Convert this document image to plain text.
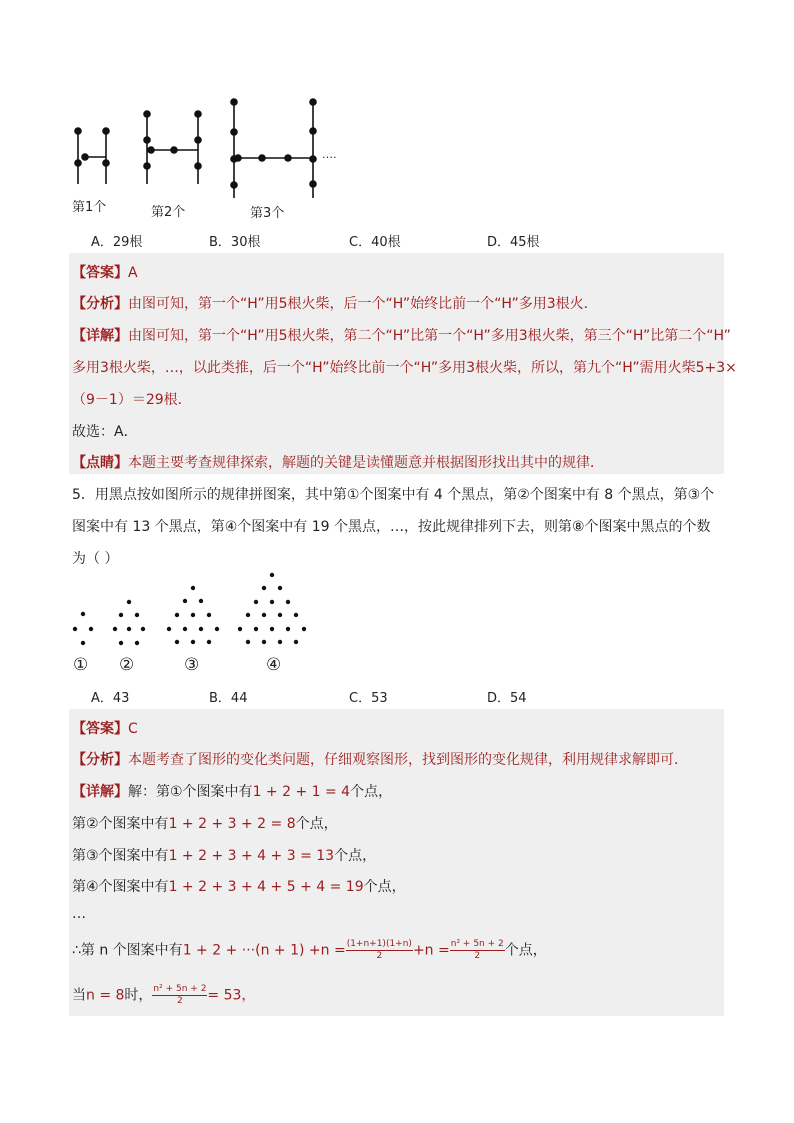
….
第1个	第2个	第3个
A．29根	B．30根	C．40根	D．45根
【答案】A
【分析】由图可知，第一个“H”用5根火柴，后一个“H”始终比前一个“H”多用3根火．
【详解】由图可知，第一个“H”用5根火柴，第二个“H”比第一个“H”多用3根火柴，第三个“H”比第二个“H”
多用3根火柴，…，以此类推，后一个“H”始终比前一个“H”多用3根火柴，所以，第九个“H”需用火柴5+3×
（9－1）＝29根．
故选：A．
【点睛】本题主要考查规律探索，解题的关键是读懂题意并根据图形找出其中的规律．
5．用黑点按如图所示的规律拼图案，其中第①个图案中有 4 个黑点，第②个图案中有 8 个黑点，第③个
图案中有 13 个黑点，第④个图案中有 19 个黑点，…，按此规律排列下去，则第⑧个图案中黑点的个数
为（ ）
① ②	③	④
A．43	B．44	C．53	D．54
【答案】C
【分析】本题考查了图形的变化类问题，仔细观察图形，找到图形的变化规律，利用规律求解即可．
【详解】解：第①个图案中有1 + 2 + 1 = 4个点，
第②个图案中有1 + 2 + 3 + 2 = 8个点，
第③个图案中有1 + 2 + 3 + 4 + 3 = 13个点，
第④个图案中有1 + 2 + 3 + 4 + 5 + 4 = 19个点，
…
∴第 n 个图案中有$1 + 2 + \cdot\cdot\cdot(n + 1) +n = \frac{(1+n+1)(1+n)}{2} +n = \frac{\text{n² + 5n + 2}}{2}$ 个点，
当n = 8时， $\frac{\text{n² + 5n + 2}}{2} = 53$，
